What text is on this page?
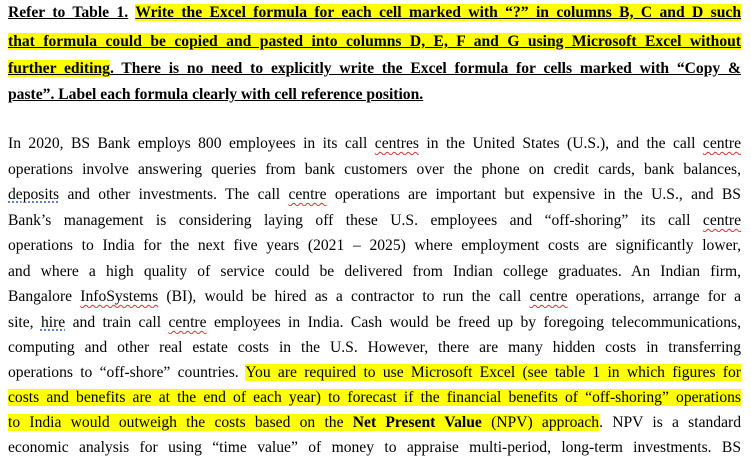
Refer to Table 1. Write the Excel formula for each cell marked with “?” in columns B, C and D such
that formula could be copied and pasted into columns D, E, F and G using Microsoft Excel without
further editing. There is no need to explicitly write the Excel formula for cells marked with “Copy &
paste”. Label each formula clearly with cell reference position.
In 2020, BS Bank employs 800 employees in its call centres in the United States (U.S.), and the call centre
operations involve answering queries from bank customers over the phone on credit cards, bank balances,
deposits and other investments. The call centre operations are important but expensive in the U.S., and BS
Bank’s management is considering laying off these U.S. employees and “off-shoring” its call centre
operations to India for the next five years (2021 – 2025) where employment costs are significantly lower,
and where a high quality of service could be delivered from Indian college graduates. An Indian firm,
Bangalore InfoSystems (BI), would be hired as a contractor to run the call centre operations, arrange for a
site, hire and train call centre employees in India. Cash would be freed up by foregoing telecommunications,
computing and other real estate costs in the U.S. However, there are many hidden costs in transferring
operations to “off-shore” countries. You are required to use Microsoft Excel (see table 1 in which figures for
costs and benefits are at the end of each year) to forecast if the financial benefits of “off-shoring” operations
to India would outweigh the costs based on the Net Present Value (NPV) approach. NPV is a standard
economic analysis for using “time value” of money to appraise multi-period, long-term investments. BS
